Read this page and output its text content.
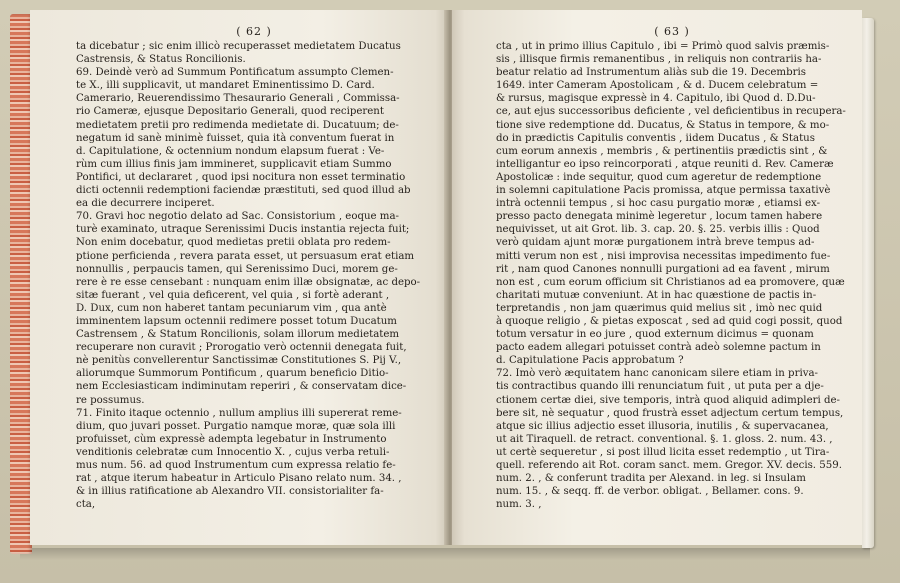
( 62 )
ta dicebatur ; sic enim illicò recuperasset medietatem Ducatus
Castrensis, & Status Roncilionis.
69. Deindè verò ad Summum Pontificatum assumpto Clemen-
te X., illi supplicavit, ut mandaret Eminentissimo D. Card.
Camerario, Reuerendissimo Thesaurario Generali , Commissa-
rio Cameræ, ejusque Depositario Generali, quod reciperent
medietatem pretii pro redimenda medietate di. Ducatuum; de-
negatum id sanè minimè fuisset, quia ità conventum fuerat in
d. Capitulatione, & octennium nondum elapsum fuerat : Ve-
rùm cum illius finis jam immineret, supplicavit etiam Summo
Pontifici, ut declararet , quod ipsi nocitura non esset terminatio
dicti octennii redemptioni faciendæ præstituti, sed quod illud ab
ea die decurrere inciperet.
70. Gravi hoc negotio delato ad Sac. Consistorium , eoque ma-
turè examinato, utraque Serenissimi Ducis instantia rejecta fuit;
Non enim docebatur, quod medietas pretii oblata pro redem-
ptione perficienda , revera parata esset, ut persuasum erat etiam
nonnullis , perpaucis tamen, qui Serenissimo Duci, morem ge-
rere è re esse censebant : nunquam enim illæ obsignatæ, ac depo-
sitæ fuerant , vel quia deficerent, vel quia , si fortè aderant ,
D. Dux, cum non haberet tantam pecuniarum vim , qua antè
imminentem lapsum octennii redimere posset totum Ducatum
Castrensem , & Statum Roncilionis, solam illorum medietatem
recuperare non curavit ; Prorogatio verò octennii denegata fuit,
nè penitùs convellerentur Sanctissimæ Constitutiones S. Pij V.,
aliorumque Summorum Pontificum , quarum beneficio Ditio-
nem Ecclesiasticam indiminutam reperiri , & conservatam dice-
re possumus.
71. Finito itaque octennio , nullum amplius illi supererat reme-
dium, quo juvari posset. Purgatio namque moræ, quæ sola illi
profuisset, cùm expressè adempta legebatur in Instrumento
venditionis celebratæ cum Innocentio X. , cujus verba retuli-
mus num. 56. ad quod Instrumentum cum expressa relatio fe-
rat , atque iterum habeatur in Articulo Pisano relato num. 34. ,
& in illius ratificatione ab Alexandro VII. consistorialiter fa-
cta,
( 63 )
cta , ut in primo illius Capitulo , ibi = Primò quod salvis præmis-
sis , illisque firmis remanentibus , in reliquis non contrariis ha-
beatur relatio ad Instrumentum aliàs sub die 19. Decembris
1649. inter Cameram Apostolicam , & d. Ducem celebratum =
& rursus, magisque expressè in 4. Capitulo, ibi Quod d. D.Du-
ce, aut ejus successoribus deficiente , vel deficientibus in recupera-
tione sive redemptione dd. Ducatus, & Status in tempore, & mo-
do in prædictis Capitulis conventis , iidem Ducatus , & Status
cum eorum annexis , membris , & pertinentiis prædictis sint , &
intelligantur eo ipso reincorporati , atque reuniti d. Rev. Cameræ
Apostolicæ : inde sequitur, quod cum ageretur de redemptione
in solemni capitulatione Pacis promissa, atque permissa taxativè
intrà octennii tempus , si hoc casu purgatio moræ , etiamsi ex-
presso pacto denegata minimè legeretur , locum tamen habere
nequivisset, ut ait Grot. lib. 3. cap. 20. §. 25. verbis illis : Quod
verò quidam ajunt moræ purgationem intrà breve tempus ad-
mitti verum non est , nisi improvisa necessitas impedimento fue-
rit , nam quod Canones nonnulli purgationi ad ea favent , mirum
non est , cum eorum officium sit Christianos ad ea promovere, quæ
charitati mutuæ conveniunt. At in hac quæstione de pactis in-
terpretandis , non jam quærimus quid melius sit , imò nec quid
à quoque religio , & pietas exposcat , sed ad quid cogi possit, quod
totum versatur in eo jure , quod externum dicimus = quonam
pacto eadem allegari potuisset contrà adeò solemne pactum in
d. Capitulatione Pacis approbatum ?
72. Imò verò æquitatem hanc canonicam silere etiam in priva-
tis contractibus quando illi renunciatum fuit , ut puta per a dje-
ctionem certæ diei, sive temporis, intrà quod aliquid adimpleri de-
bere sit, nè sequatur , quod frustrà esset adjectum certum tempus,
atque sic illius adjectio esset illusoria, inutilis , & supervacanea,
ut ait Tiraquell. de retract. conventional. §. 1. gloss. 2. num. 43. ,
ut certè sequeretur , si post illud licita esset redemptio , ut Tira-
quell. referendo ait Rot. coram sanct. mem. Gregor. XV. decis. 559.
num. 2. , & conferunt tradita per Alexand. in leg. si Insulam
num. 15. , & seqq. ff. de verbor. obligat. , Bellamer. cons. 9.
num. 3. ,
